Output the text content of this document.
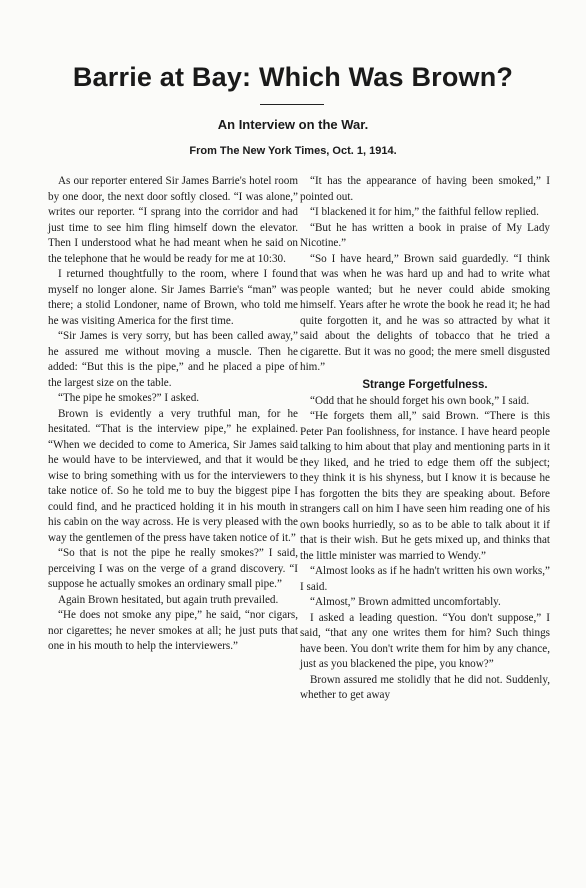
Barrie at Bay: Which Was Brown?
An Interview on the War.
From The New York Times, Oct. 1, 1914.

As our reporter entered Sir James Barrie's hotel room by one door, the next door softly closed. “I was alone,” writes our reporter. “I sprang into the corridor and had just time to see him fling himself down the elevator. Then I understood what he had meant when he said on the telephone that he would be ready for me at 10:30.

I returned thoughtfully to the room, where I found myself no longer alone. Sir James Barrie's “man” was there; a stolid Londoner, name of Brown, who told me he was visiting America for the first time.

“Sir James is very sorry, but has been called away,” he assured me without moving a muscle. Then he added: “But this is the pipe,” and he placed a pipe of the largest size on the table.

“The pipe he smokes?” I asked.

Brown is evidently a very truthful man, for he hesitated. “That is the interview pipe,” he explained. “When we decided to come to America, Sir James said he would have to be interviewed, and that it would be wise to bring something with us for the interviewers to take notice of. So he told me to buy the biggest pipe I could find, and he practiced holding it in his mouth in his cabin on the way across. He is very pleased with the way the gentlemen of the press have taken notice of it.”

“So that is not the pipe he really smokes?” I said, perceiving I was on the verge of a grand discovery. “I suppose he actually smokes an ordinary small pipe.”

Again Brown hesitated, but again truth prevailed.

“He does not smoke any pipe,” he said, “nor cigars, nor cigarettes; he never smokes at all; he just puts that one in his mouth to help the interviewers.”

“It has the appearance of having been smoked,” I pointed out.

“I blackened it for him,” the faithful fellow replied.

“But he has written a book in praise of My Lady Nicotine.”

“So I have heard,” Brown said guardedly. “I think that was when he was hard up and had to write what people wanted; but he never could abide smoking himself. Years after he wrote the book he read it; he had quite forgotten it, and he was so attracted by what it said about the delights of tobacco that he tried a cigarette. But it was no good; the mere smell disgusted him.”

Strange Forgetfulness.

“Odd that he should forget his own book,” I said.

“He forgets them all,” said Brown. “There is this Peter Pan foolishness, for instance. I have heard people talking to him about that play and mentioning parts in it they liked, and he tried to edge them off the subject; they think it is his shyness, but I know it is because he has forgotten the bits they are speaking about. Before strangers call on him I have seen him reading one of his own books hurriedly, so as to be able to talk about it if that is their wish. But he gets mixed up, and thinks that the little minister was married to Wendy.”

“Almost looks as if he hadn't written his own works,” I said.

“Almost,” Brown admitted uncomfortably.

I asked a leading question. “You don't suppose,” I said, “that any one writes them for him? Such things have been. You don't write them for him by any chance, just as you blackened the pipe, you know?”

Brown assured me stolidly that he did not. Suddenly, whether to get away
